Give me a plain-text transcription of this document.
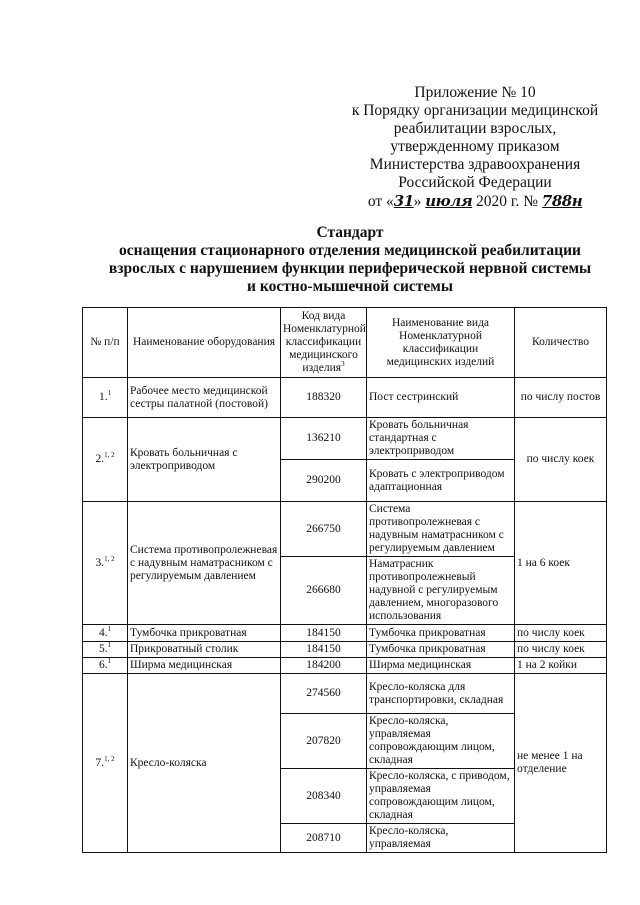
Приложение № 10
к Порядку организации медицинской
реабилитации взрослых,
утвержденному приказом
Министерства здравоохранения
Российской Федерации
от «31» июля 2020 г. № 788н
Стандарт
оснащения стационарного отделения медицинской реабилитации
взрослых с нарушением функции периферической нервной системы
и костно-мышечной системы
№ п/п	Наименование оборудования	Код вида Номенклатурной классификации медицинского изделия$^3$	Наименование вида Номенклатурной классификации медицинских изделий	Количество
1.$^1$	Рабочее место медицинской сестры палатной (постовой)	188320	Пост сестринский	по числу постов
2.$^{1, 2}$	Кровать больничная с электроприводом	136210	Кровать больничная стандартная с электроприводом	по числу коек
		290200	Кровать с электроприводом адаптационная	
3.$^{1, 2}$	Система противопролежневая с надувным наматрасником с регулируемым давлением	266750	Система противопролежневая с надувным наматрасником с регулируемым давлением	1 на 6 коек
		266680	Наматрасник противопролежневый надувной с регулируемым давлением, многоразового использования	
4.$^1$	Тумбочка прикроватная	184150	Тумбочка прикроватная	по числу коек
5.$^1$	Прикроватный столик	184150	Тумбочка прикроватная	по числу коек
6.$^1$	Ширма медицинская	184200	Ширма медицинская	1 на 2 койки
7.$^{1, 2}$	Кресло-коляска	274560	Кресло-коляска для транспортировки, складная	не менее 1 на отделение
		207820	Кресло-коляска, управляемая сопровождающим лицом, складная	
		208340	Кресло-коляска, с приводом, управляемая сопровождающим лицом, складная	
		208710	Кресло-коляска, управляемая	
